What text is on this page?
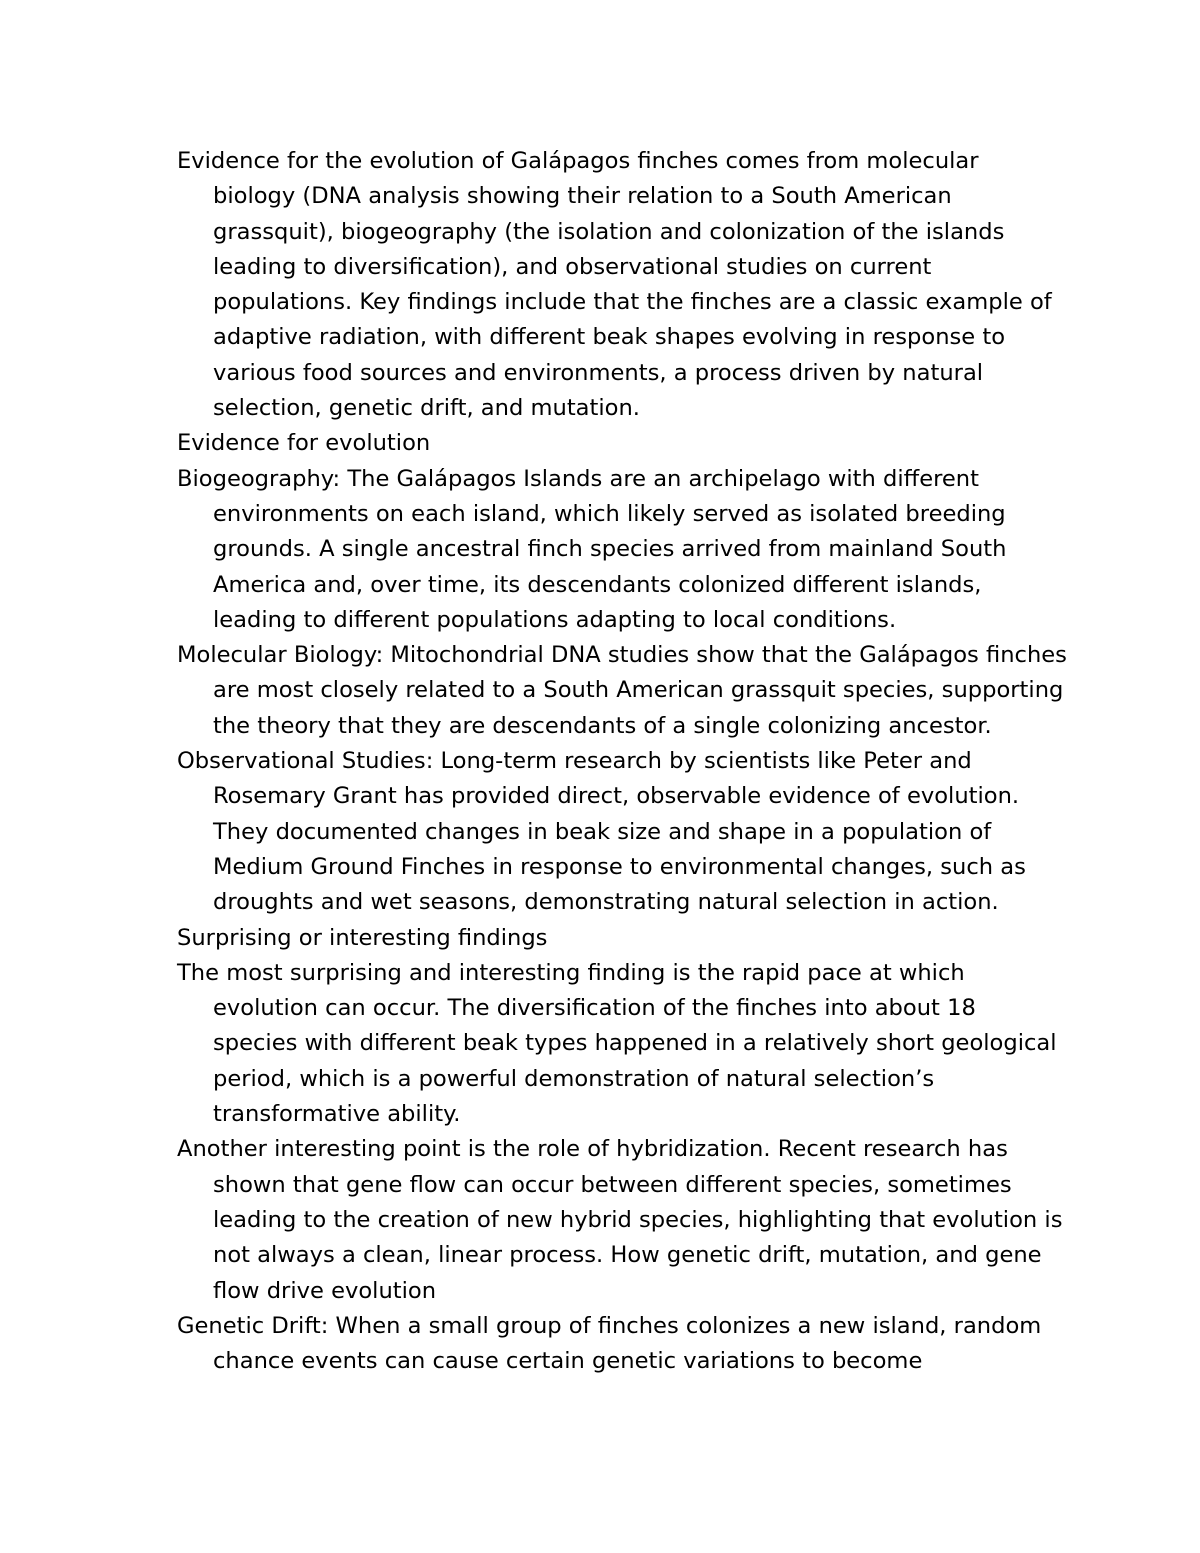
Evidence for the evolution of Galápagos finches comes from molecular biology (DNA analysis showing their relation to a South American grassquit), biogeography (the isolation and colonization of the islands leading to diversification), and observational studies on current populations. Key findings include that the finches are a classic example of adaptive radiation, with different beak shapes evolving in response to various food sources and environments, a process driven by natural selection, genetic drift, and mutation.

Evidence for evolution

Biogeography: The Galápagos Islands are an archipelago with different environments on each island, which likely served as isolated breeding grounds. A single ancestral finch species arrived from mainland South America and, over time, its descendants colonized different islands, leading to different populations adapting to local conditions.

Molecular Biology: Mitochondrial DNA studies show that the Galápagos finches are most closely related to a South American grassquit species, supporting the theory that they are descendants of a single colonizing ancestor.

Observational Studies: Long-term research by scientists like Peter and Rosemary Grant has provided direct, observable evidence of evolution. They documented changes in beak size and shape in a population of Medium Ground Finches in response to environmental changes, such as droughts and wet seasons, demonstrating natural selection in action.

Surprising or interesting findings

The most surprising and interesting finding is the rapid pace at which evolution can occur. The diversification of the finches into about 18 species with different beak types happened in a relatively short geological period, which is a powerful demonstration of natural selection’s transformative ability.

Another interesting point is the role of hybridization. Recent research has shown that gene flow can occur between different species, sometimes leading to the creation of new hybrid species, highlighting that evolution is not always a clean, linear process. How genetic drift, mutation, and gene flow drive evolution

Genetic Drift: When a small group of finches colonizes a new island, random chance events can cause certain genetic variations to become
